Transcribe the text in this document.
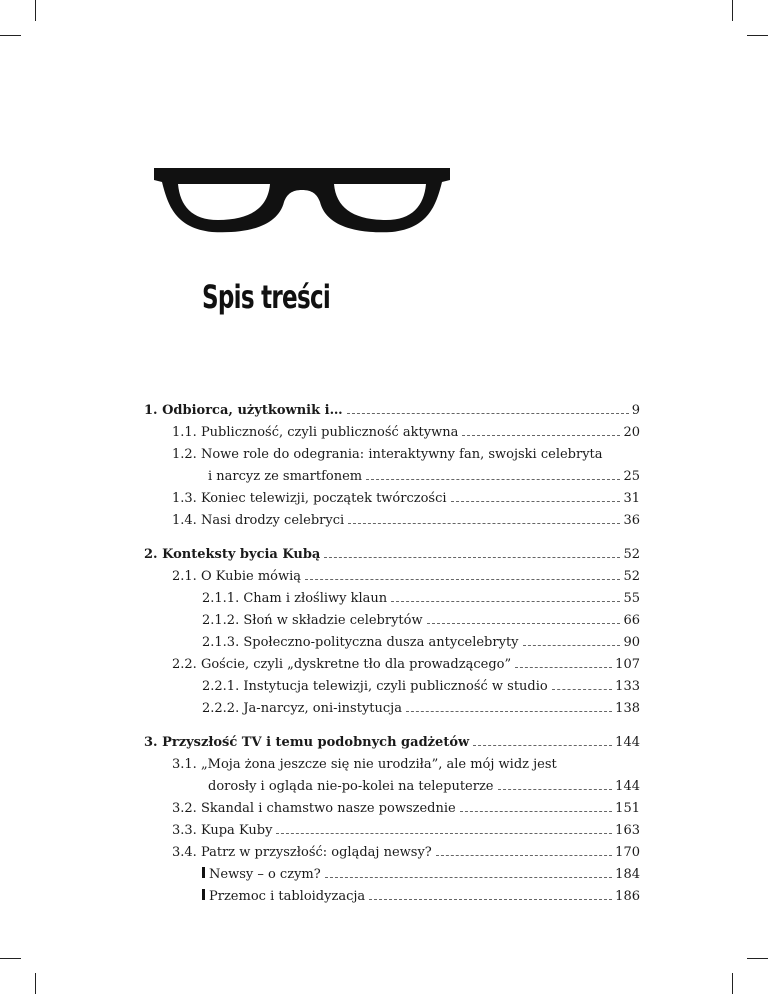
Spis treści
1. Odbiorca, użytkownik i…	9
1.1. Publiczność, czyli publiczność aktywna	20
1.2. Nowe role do odegrania: interaktywny fan, swojski celebryta
i narcyz ze smartfonem	25
1.3. Koniec telewizji, początek twórczości	31
1.4. Nasi drodzy celebryci	36
2. Konteksty bycia Kubą	52
2.1. O Kubie mówią	52
2.1.1. Cham i złośliwy klaun	55
2.1.2. Słoń w składzie celebrytów	66
2.1.3. Społeczno-polityczna dusza antycelebryty	90
2.2. Goście, czyli „dyskretne tło dla prowadzącego”	107
2.2.1. Instytucja telewizji, czyli publiczność w studio	133
2.2.2. Ja-narcyz, oni-instytucja	138
3. Przyszłość TV i temu podobnych gadżetów	144
3.1. „Moja żona jeszcze się nie urodziła”, ale mój widz jest
dorosły i ogląda nie-po-kolei na teleputerze	144
3.2. Skandal i chamstwo nasze powszednie	151
3.3. Kupa Kuby	163
3.4. Patrz w przyszłość: oglądaj newsy?	170
Newsy – o czym?	184
Przemoc i tabloidyzacja	186
